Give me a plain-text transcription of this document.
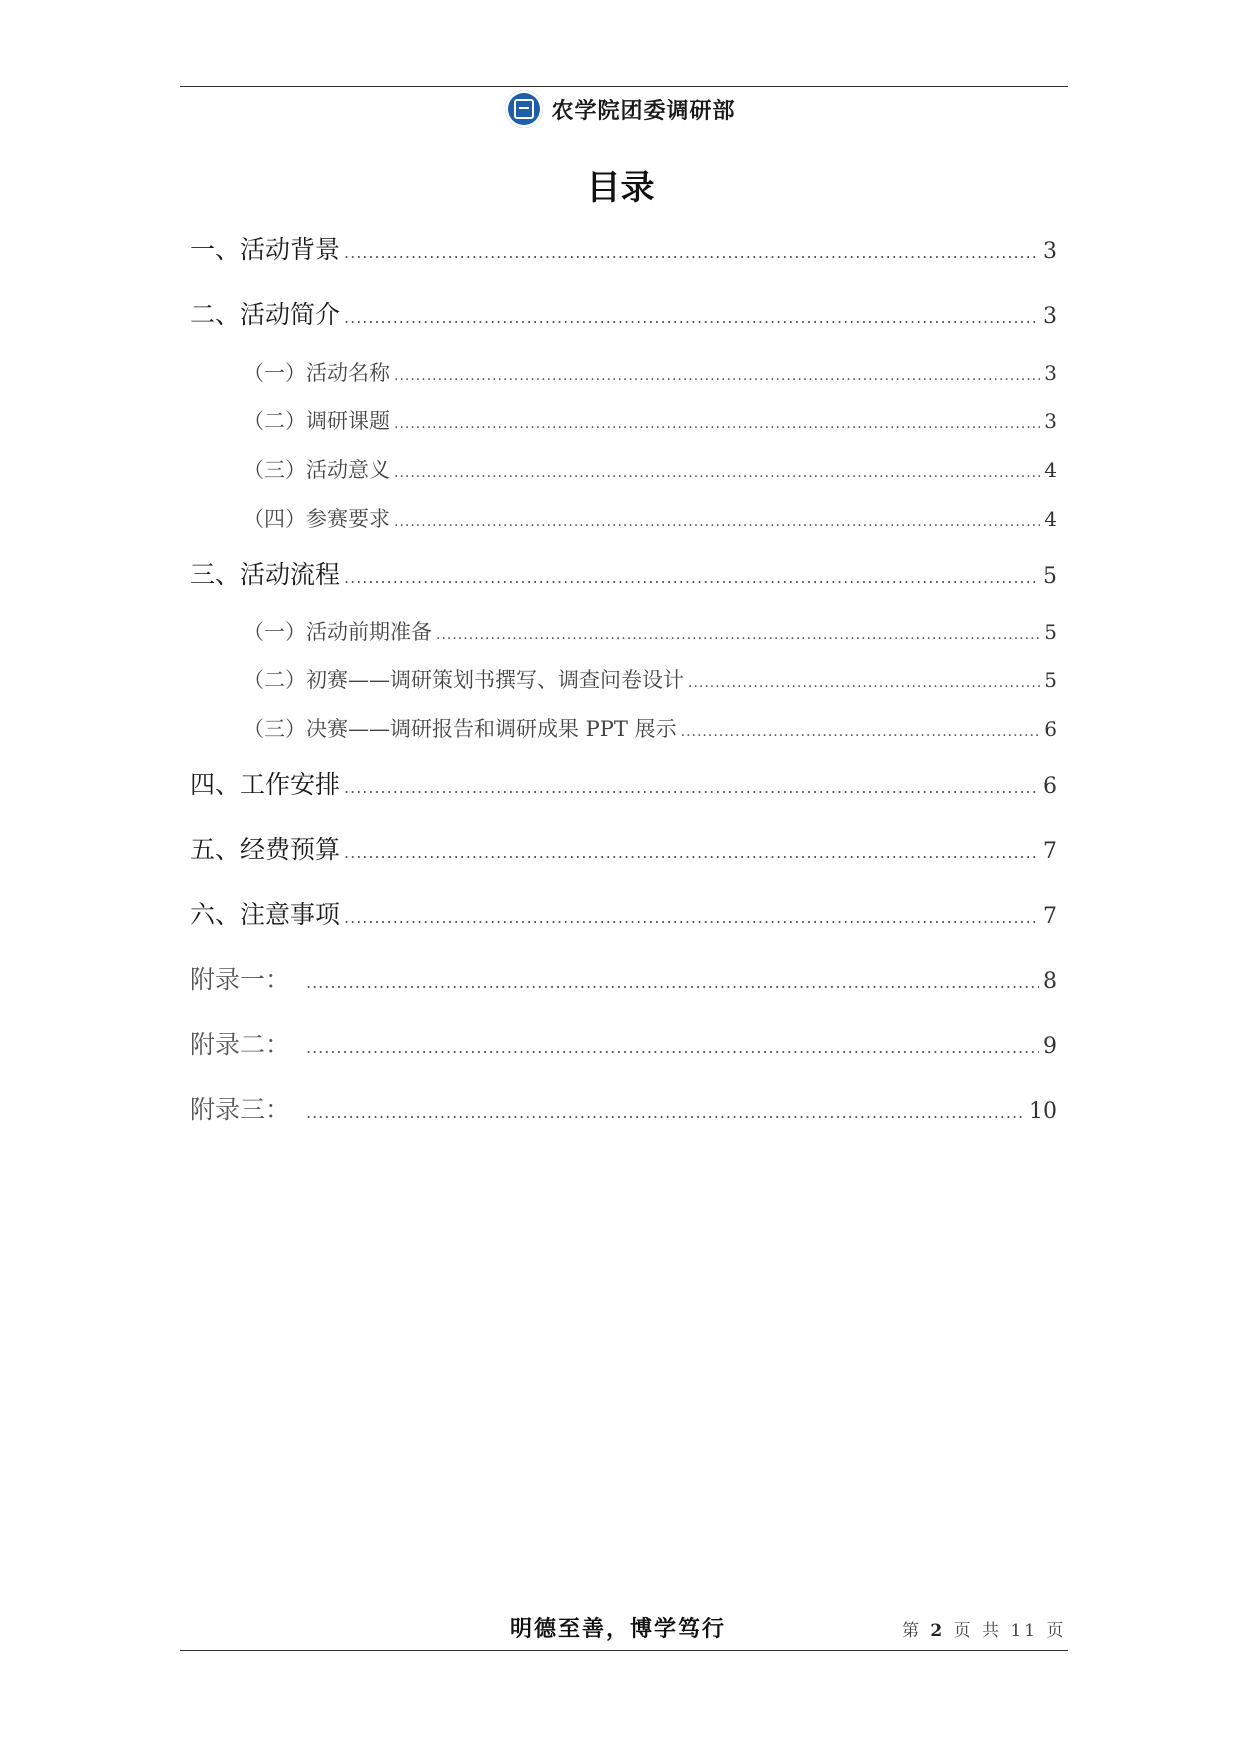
农学院团委调研部
目录
一、活动背景 .....	3
二、活动简介 .....	3
（一）活动名称 .....	3
（二）调研课题 .....	3
（三）活动意义 .....	4
（四）参赛要求 .....	4
三、活动流程 .....	5
（一）活动前期准备 .....	5
（二）初赛——调研策划书撰写、调查问卷设计 .....	5
（三）决赛——调研报告和调研成果 PPT 展示 .....	6
四、工作安排 .....	6
五、经费预算 .....	7
六、注意事项 .....	7
附录一： .....	8
附录二： .....	9
附录三： .....	10
明德至善，博学笃行	第 2 页 共 11 页
